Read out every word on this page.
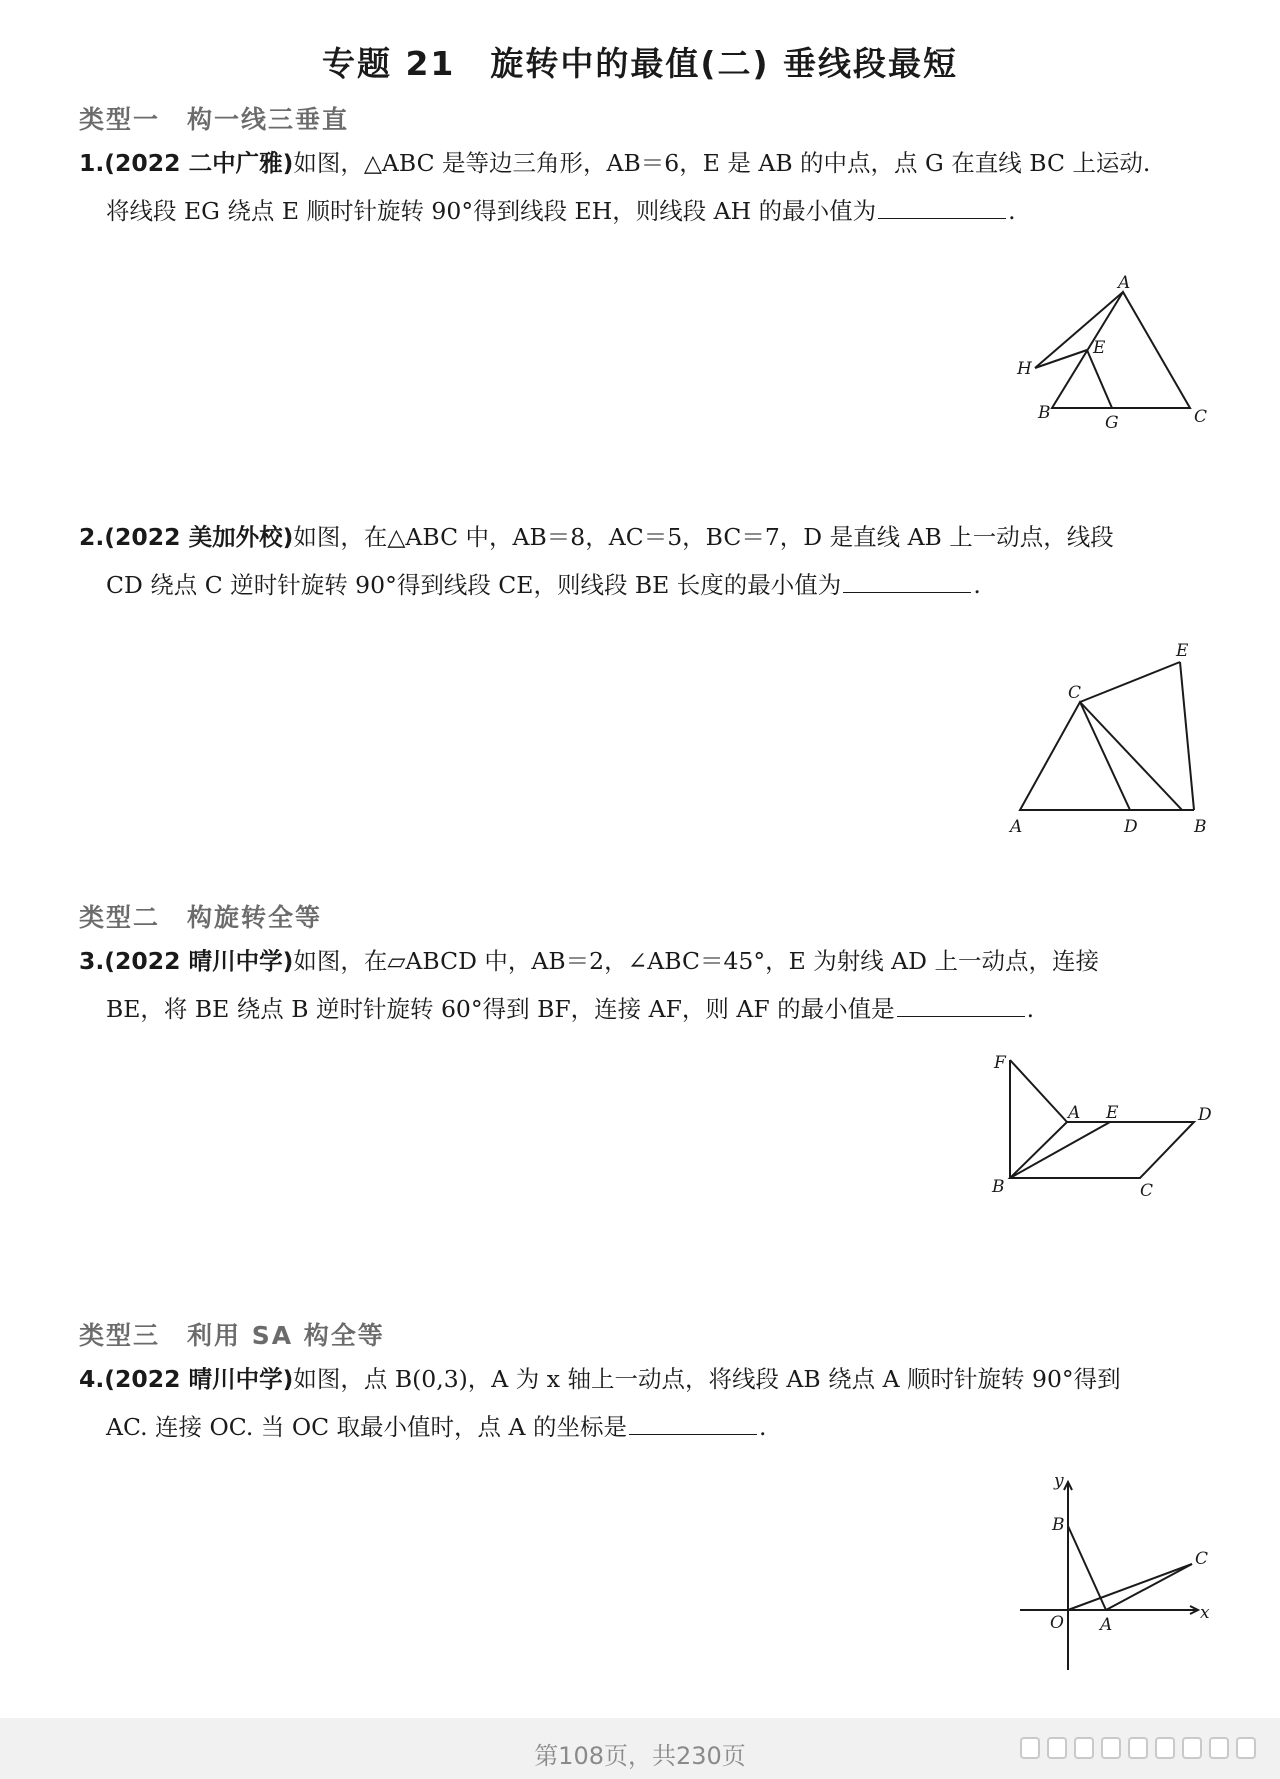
专题 21　旋转中的最值(二) 垂线段最短
类型一　构一线三垂直
1.(2022 二中广雅)如图，△ABC 是等边三角形，AB＝6，E 是 AB 的中点，点 G 在直线 BC 上运动.
将线段 EG 绕点 E 顺时针旋转 90°得到线段 EH，则线段 AH 的最小值为	.
A
B	C
E
G
H
2.(2022 美加外校)如图，在△ABC 中，AB＝8，AC＝5，BC＝7，D 是直线 AB 上一动点，线段
CD 绕点 C 逆时针旋转 90°得到线段 CE，则线段 BE 长度的最小值为	.
A	B
C
D
E
类型二　构旋转全等
3.(2022 晴川中学)如图，在▱ABCD 中，AB＝2，∠ABC＝45°，E 为射线 AD 上一动点，连接
BE，将 BE 绕点 B 逆时针旋转 60°得到 BF，连接 AF，则 AF 的最小值是	.
A
B	C
D
E
F
类型三　利用 SA 构全等
4.(2022 晴川中学)如图，点 B(0,3)，A 为 x 轴上一动点，将线段 AB 绕点 A 顺时针旋转 90°得到
AC. 连接 OC. 当 OC 取最小值时，点 A 的坐标是	.
y
B
C
O A
x
第108页，共230页
